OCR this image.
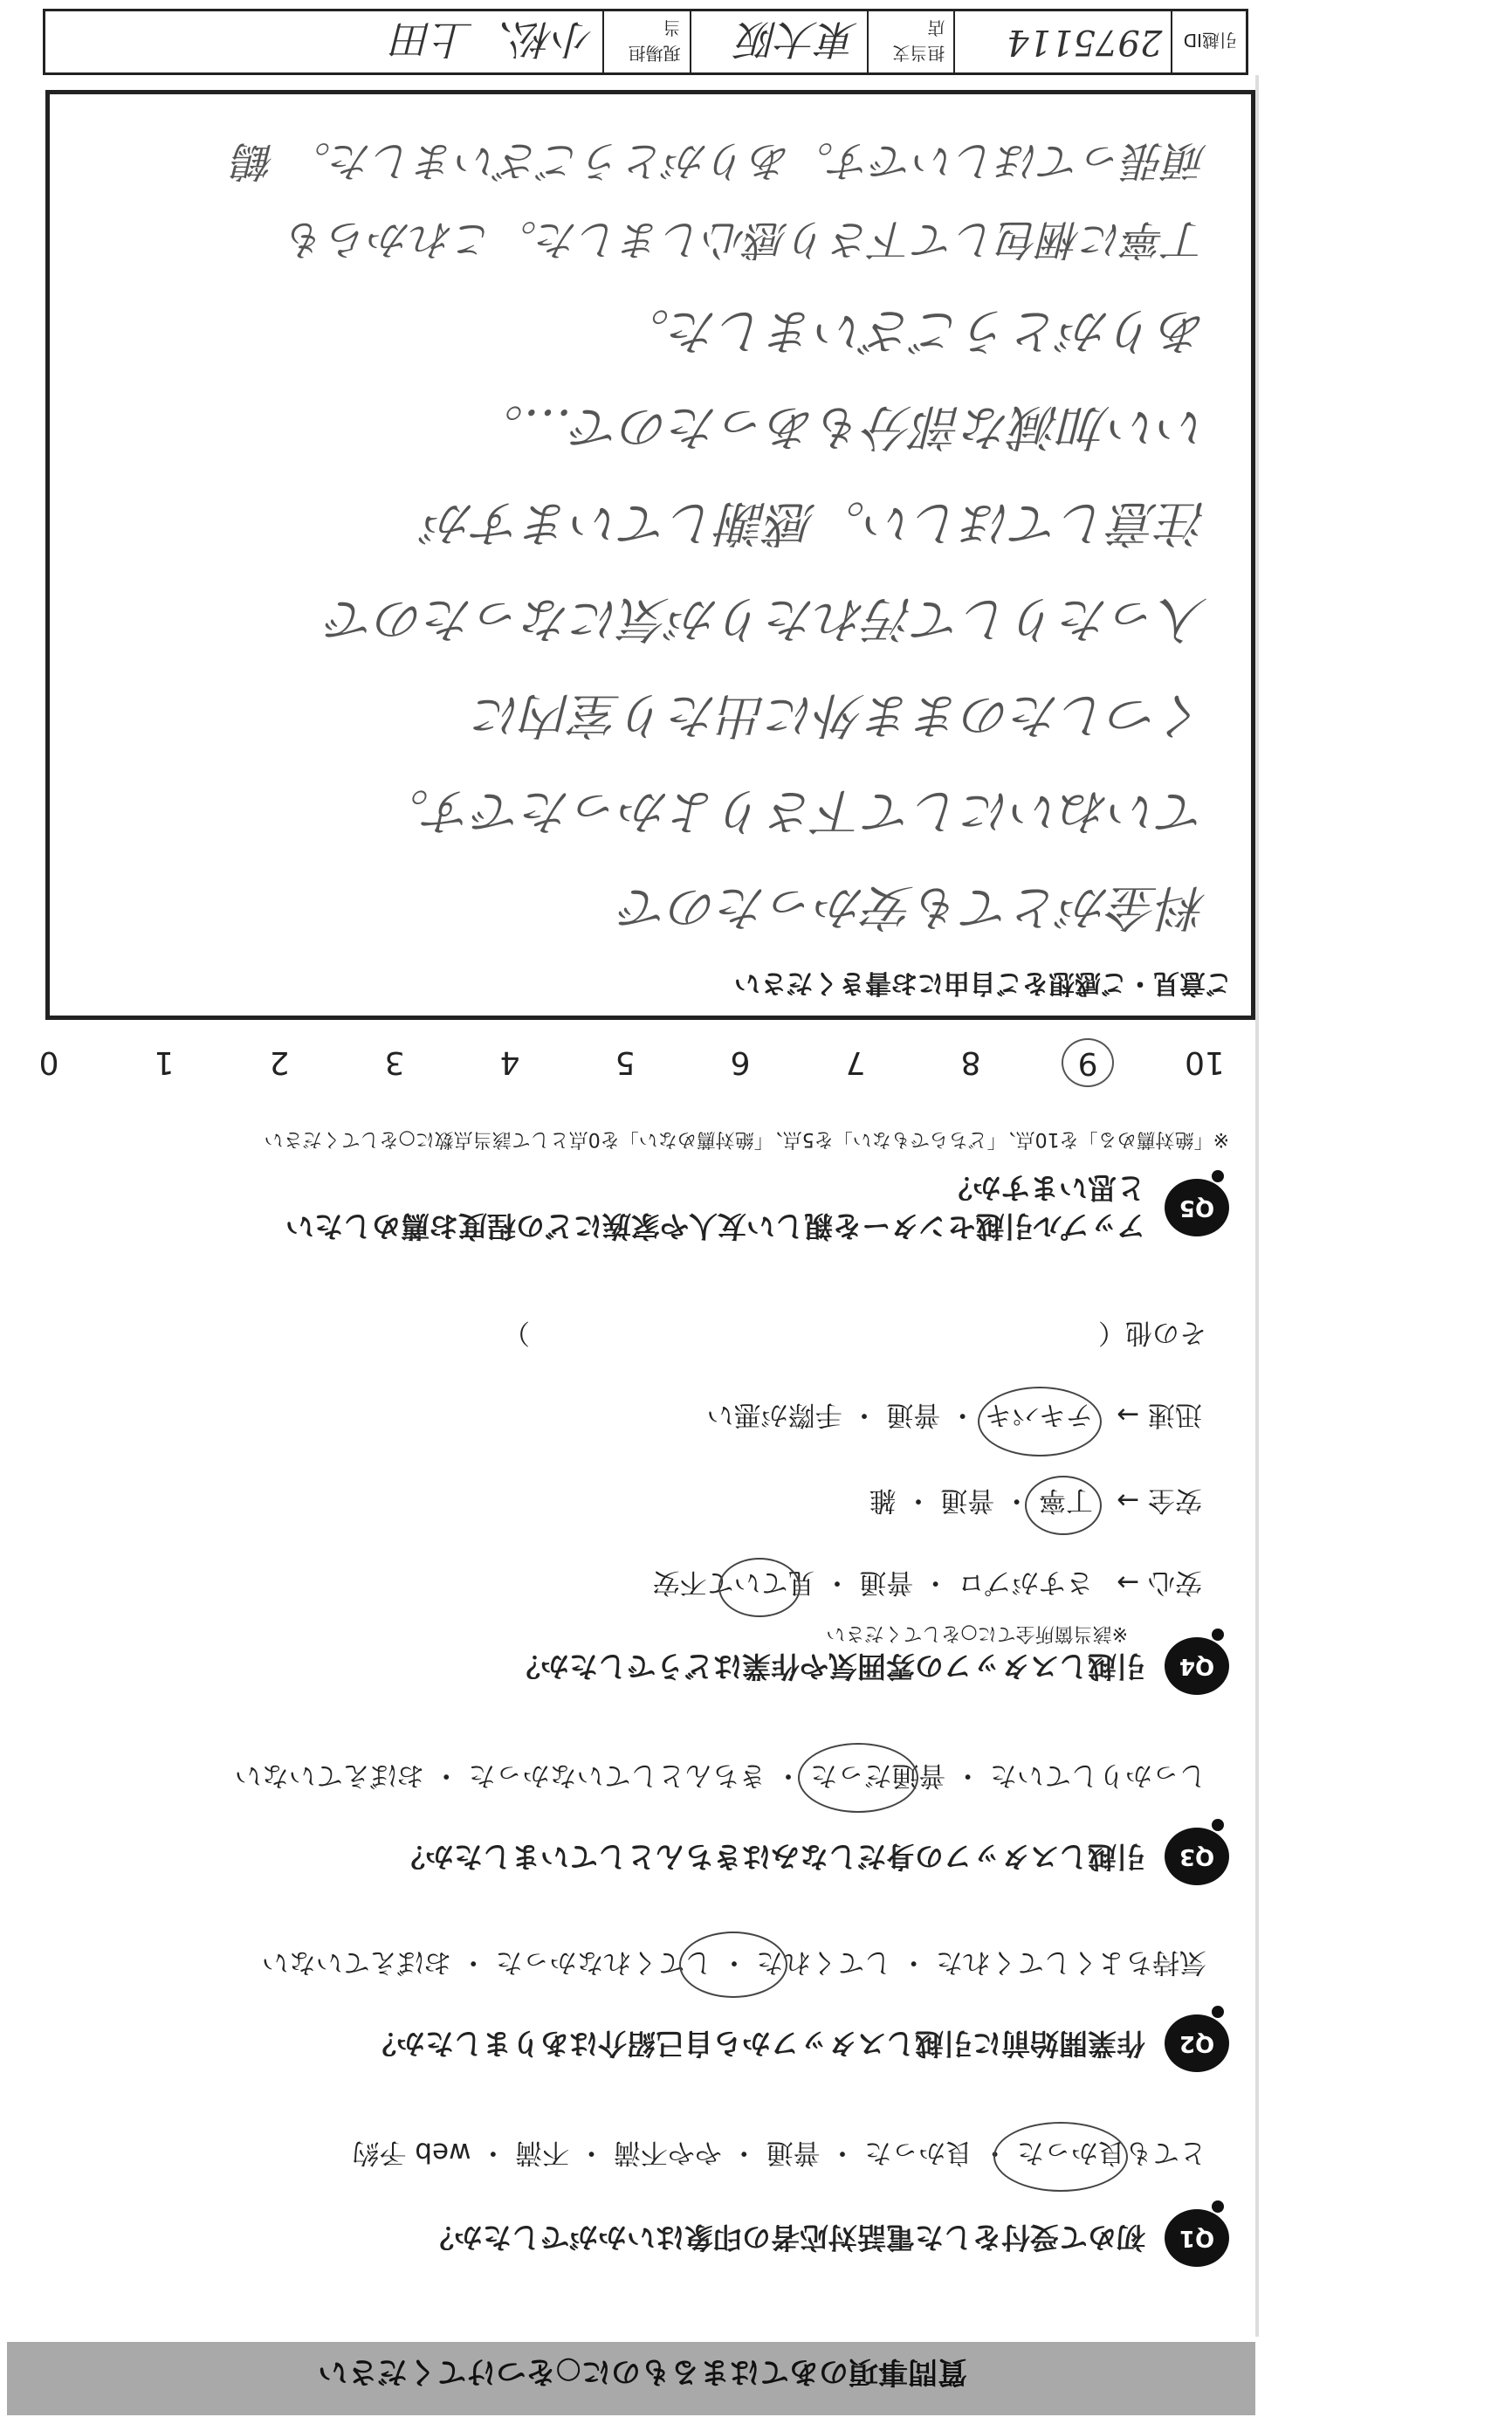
引越ID
2975114
担当支店
東大阪
現場担当
小松、上田
ご意見・ご感想をご自由にお書きください
料金がとても安かったので
ていねいにして下さりよかったです。
くつしたのまま外に出たり室内に
入ったりして汚れたりが気になったので
注意してほしい。感謝していますが
いい加減な部分もあったので…。
ありがとうございました。
丁寧に梱包して下さり感心しました。これからも
頑張ってほしいです。ありがとうございました。 鶴
10
9
8
7
6
5
4
3
2
1
0
Q5
アップル引越センターを親しい友人や家族にどの程度お薦めしたいと思いますか？
※「絶対薦める」を10点、「どちらでもない」を5点、「絶対薦めない」を0点として該当点数に○をしてください
Q4
引越しスタッフの雰囲気や作業はどうでしたか？
※該当箇所全てに○をしてください
安心 →
さすがプロ ・ 普通 ・ 見ていて不安
安全 →
丁寧 ・ 普通 ・ 雑
迅速 →
テキパキ ・ 普通 ・ 手際が悪い
その他（　　　　　　　　　　　　　　　　　　　　　）
Q3
引越しスタッフの身だしなみはきちんとしていましたか？
しっかりしていた ・ 普通だった ・ きちんとしていなかった ・ おぼえていない
Q2
作業開始前に引越しスタッフから自己紹介はありましたか？
気持ちよくしてくれた ・ してくれた ・ してくれなかった ・ おぼえていない
Q1
初めて受付をした電話対応者の印象はいかがでしたか？
とても良かった ・ 良かった ・ 普通 ・ やや不満 ・ 不満 ・ web 予約
質問事項のあてはまるものに○をつけてください
